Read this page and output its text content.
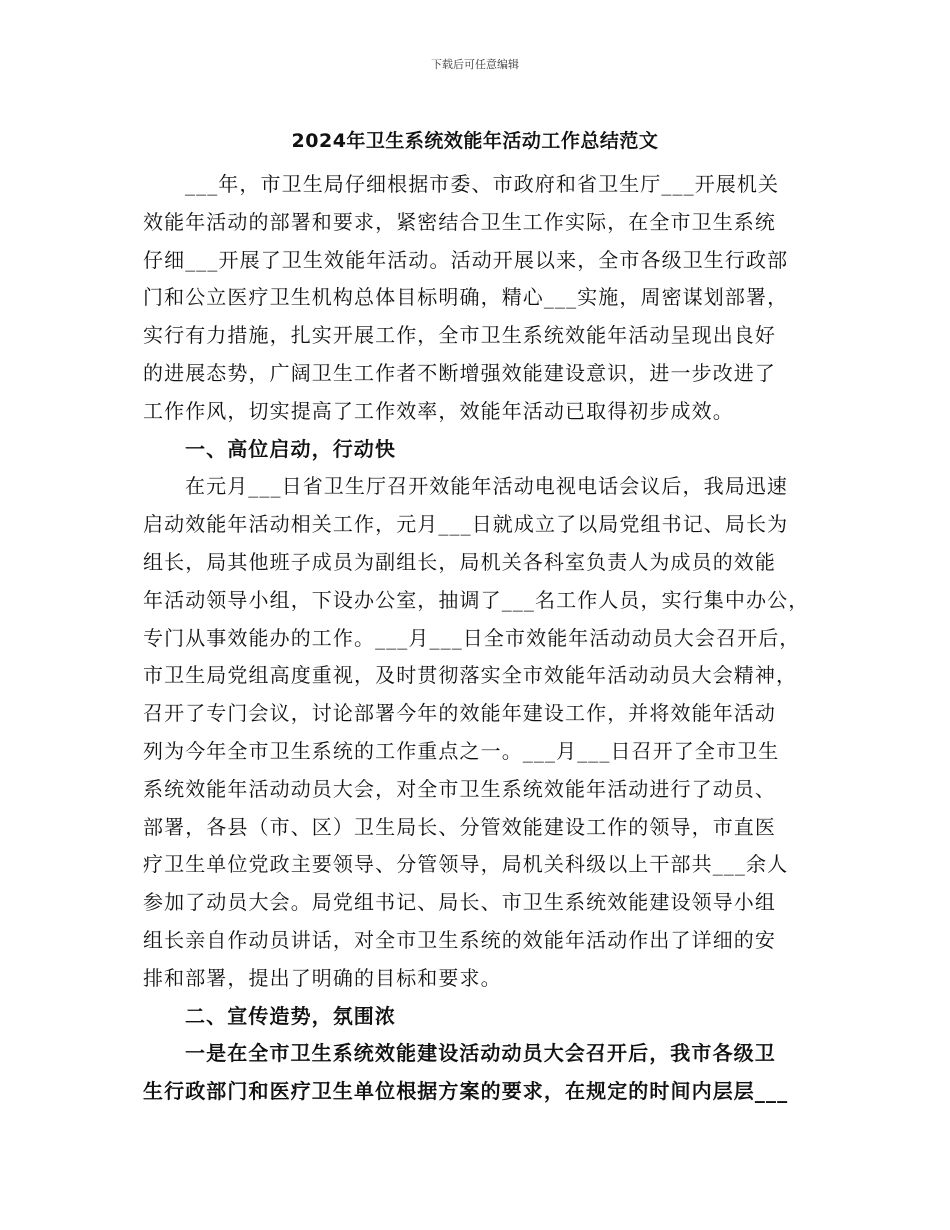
下载后可任意编辑
2024年卫生系统效能年活动工作总结范文
___年，市卫生局仔细根据市委、市政府和省卫生厅___开展机关
效能年活动的部署和要求，紧密结合卫生工作实际，在全市卫生系统
仔细___开展了卫生效能年活动。活动开展以来，全市各级卫生行政部
门和公立医疗卫生机构总体目标明确，精心___实施，周密谋划部署，
实行有力措施，扎实开展工作，全市卫生系统效能年活动呈现出良好
的进展态势，广阔卫生工作者不断增强效能建设意识，进一步改进了
工作作风，切实提高了工作效率，效能年活动已取得初步成效。
一、高位启动，行动快
在元月___日省卫生厅召开效能年活动电视电话会议后，我局迅速
启动效能年活动相关工作，元月___日就成立了以局党组书记、局长为
组长，局其他班子成员为副组长，局机关各科室负责人为成员的效能
年活动领导小组，下设办公室，抽调了___名工作人员，实行集中办公，
专门从事效能办的工作。___月___日全市效能年活动动员大会召开后，
市卫生局党组高度重视，及时贯彻落实全市效能年活动动员大会精神，
召开了专门会议，讨论部署今年的效能年建设工作，并将效能年活动
列为今年全市卫生系统的工作重点之一。___月___日召开了全市卫生
系统效能年活动动员大会，对全市卫生系统效能年活动进行了动员、
部署，各县（市、区）卫生局长、分管效能建设工作的领导，市直医
疗卫生单位党政主要领导、分管领导，局机关科级以上干部共___余人
参加了动员大会。局党组书记、局长、市卫生系统效能建设领导小组
组长亲自作动员讲话，对全市卫生系统的效能年活动作出了详细的安
排和部署，提出了明确的目标和要求。
二、宣传造势，氛围浓
一是在全市卫生系统效能建设活动动员大会召开后，我市各级卫
生行政部门和医疗卫生单位根据方案的要求，在规定的时间内层层___
